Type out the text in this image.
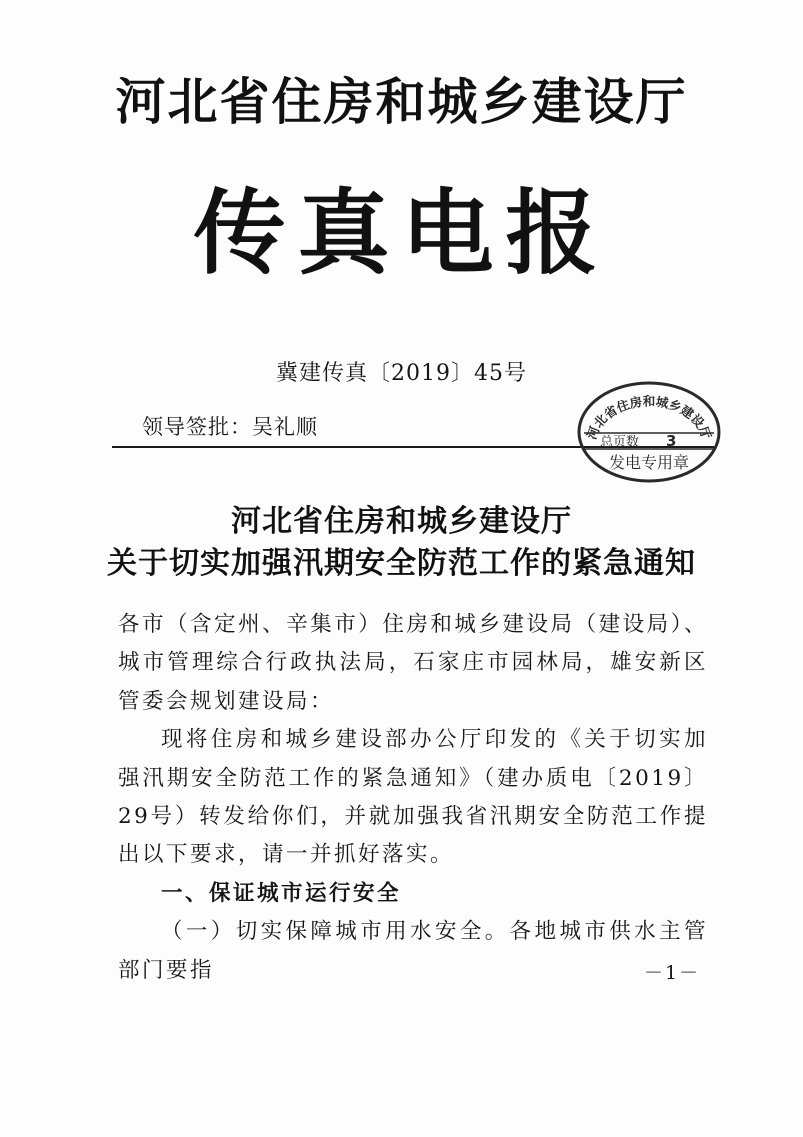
河北省住房和城乡建设厅
传真电报
冀建传真〔2019〕45号
领导签批：吴礼顺	河北省住房和城乡建设厅
总页数 3
发电专用章
河北省住房和城乡建设厅
关于切实加强汛期安全防范工作的紧急通知

各市（含定州、辛集市）住房和城乡建设局（建设局）、城市管理综合行政执法局，石家庄市园林局，雄安新区管委会规划建设局：

现将住房和城乡建设部办公厅印发的《关于切实加强汛期安全防范工作的紧急通知》（建办质电〔2019〕29号）转发给你们，并就加强我省汛期安全防范工作提出以下要求，请一并抓好落实。

一、保证城市运行安全

（一）切实保障城市用水安全。各地城市供水主管部门要指	－1－
